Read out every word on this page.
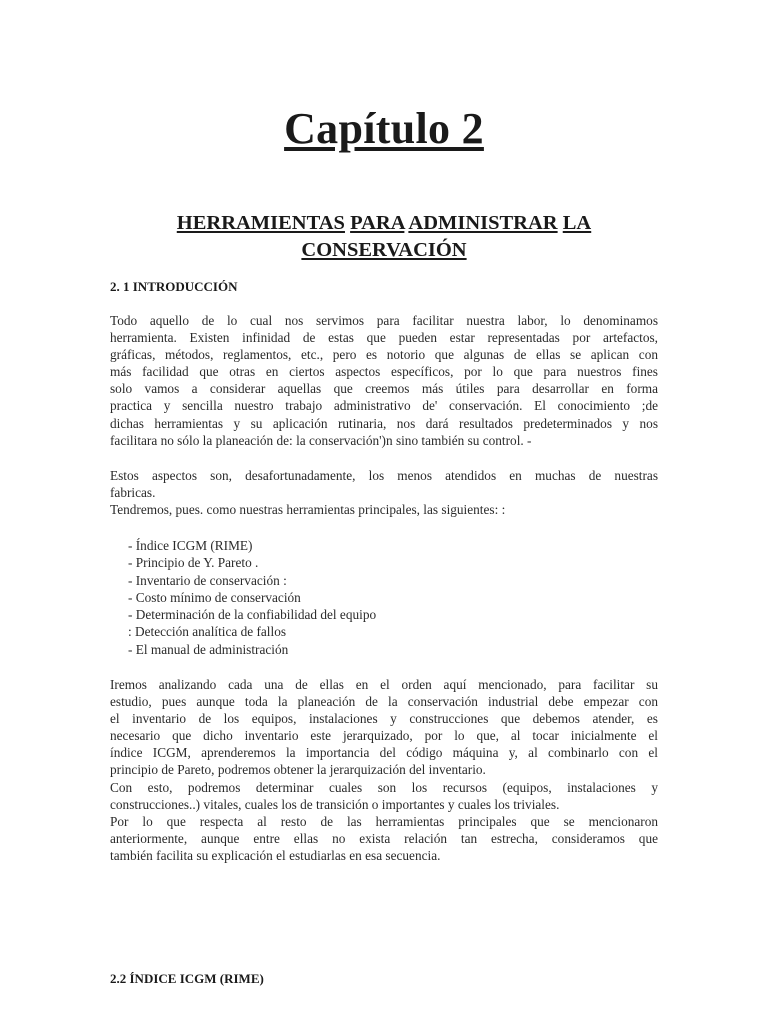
Capítulo 2
HERRAMIENTAS PARA ADMINISTRAR LA
CONSERVACIÓN
2. 1 INTRODUCCIÓN
Todo aquello de lo cual nos servimos para facilitar nuestra labor, lo denominamos
herramienta. Existen infinidad de estas que pueden estar representadas por artefactos,
gráficas, métodos, reglamentos, etc., pero es notorio que algunas de ellas se aplican con
más facilidad que otras en ciertos aspectos específicos, por lo que para nuestros fines
solo vamos a considerar aquellas que creemos más útiles para desarrollar en forma
practica y sencilla nuestro trabajo administrativo de' conservación. El conocimiento ;de
dichas herramientas y su aplicación rutinaria, nos dará resultados predeterminados y nos
facilitara no sólo la planeación de: la conservación')n sino también su control. -
Estos aspectos son, desafortunadamente, los menos atendidos en muchas de nuestras
fabricas.
Tendremos, pues. como nuestras herramientas principales, las siguientes: :
- Índice ICGM (RIME)
- Principio de Y. Pareto .
- Inventario de conservación :
- Costo mínimo de conservación
- Determinación de la confiabilidad del equipo
: Detección analítica de fallos
- El manual de administración
Iremos analizando cada una de ellas en el orden aquí mencionado, para facilitar su
estudio, pues aunque toda la planeación de la conservación industrial debe empezar con
el inventario de los equipos, instalaciones y construcciones que debemos atender, es
necesario que dicho inventario este jerarquizado, por lo que, al tocar inicialmente el
índice ICGM, aprenderemos la importancia del código máquina y, al combinarlo con el
principio de Pareto, podremos obtener la jerarquización del inventario.
Con esto, podremos determinar cuales son los recursos (equipos, instalaciones y
construcciones..) vitales, cuales los de transición o importantes y cuales los triviales.
Por lo que respecta al resto de las herramientas principales que se mencionaron
anteriormente, aunque entre ellas no exista relación tan estrecha, consideramos que
también facilita su explicación el estudiarlas en esa secuencia.
2.2 ÍNDICE ICGM (RIME)
